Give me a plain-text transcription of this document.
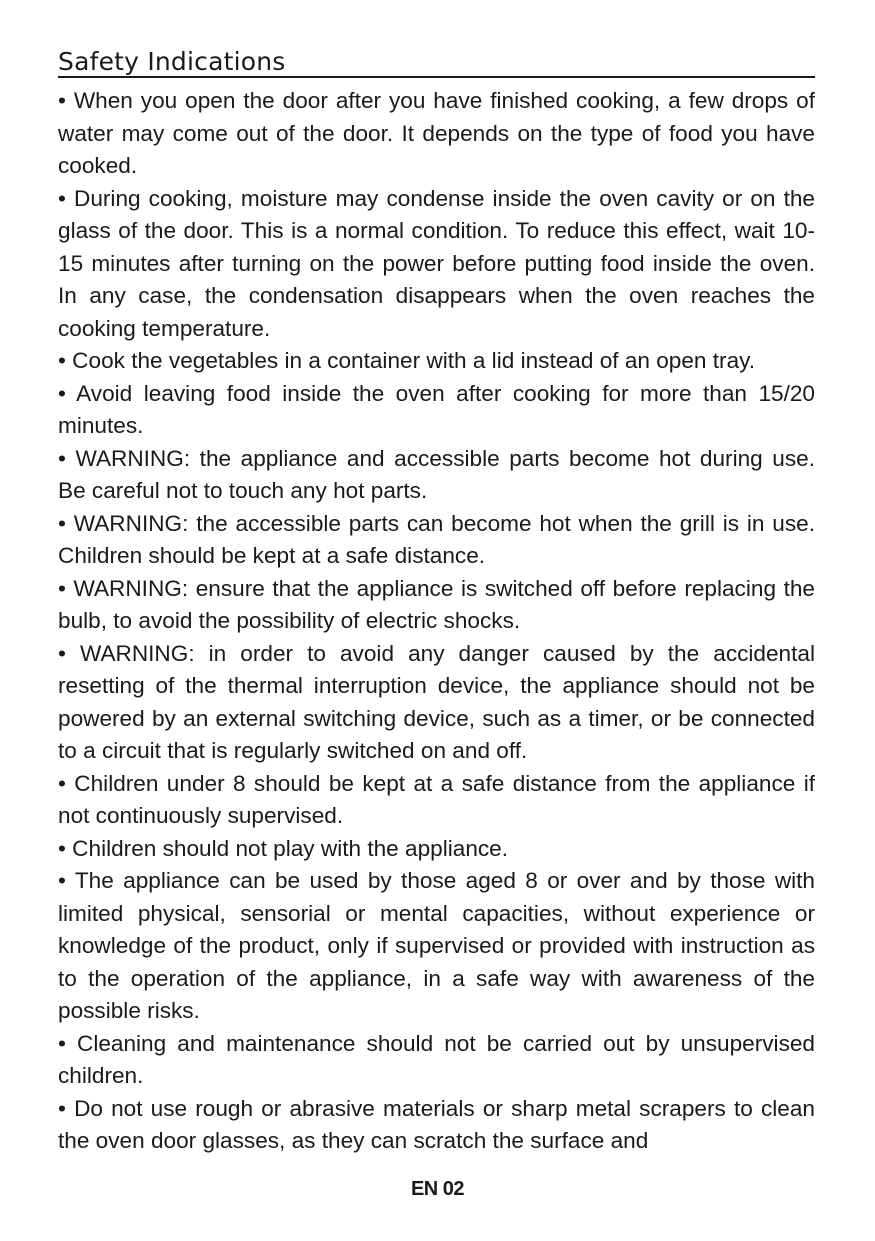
Safety Indications

• When you open the door after you have finished cooking, a few drops of water may come out of the door. It depends on the type of food you have cooked.

• During cooking, moisture may condense inside the oven cavity or on the glass of the door. This is a normal condition. To reduce this effect, wait 10-15 minutes after turning on the power before putting food inside the oven. In any case, the condensation disappears when the oven reaches the cooking temperature.

• Cook the vegetables in a container with a lid instead of an open tray.

• Avoid leaving food inside the oven after cooking for more than 15/20 minutes.

• WARNING: the appliance and accessible parts become hot during use. Be careful not to touch any hot parts.

• WARNING: the accessible parts can become hot when the grill is in use. Children should be kept at a safe distance.

• WARNING: ensure that the appliance is switched off before replacing the bulb, to avoid the possibility of electric shocks.

• WARNING: in order to avoid any danger caused by the accidental resetting of the thermal interruption device, the appliance should not be powered by an external switching device, such as a timer, or be connected to a circuit that is regularly switched on and off.

• Children under 8 should be kept at a safe distance from the appliance if not continuously supervised.

• Children should not play with the appliance.

• The appliance can be used by those aged 8 or over and by those with limited physical, sensorial or mental capacities, without experience or knowledge of the product, only if supervised or provided with instruction as to the operation of the appliance, in a safe way with awareness of the possible risks.

• Cleaning and maintenance should not be carried out by unsupervised children.

• Do not use rough or abrasive materials or sharp metal scrapers to clean the oven door glasses, as they can scratch the surface and

EN 02
